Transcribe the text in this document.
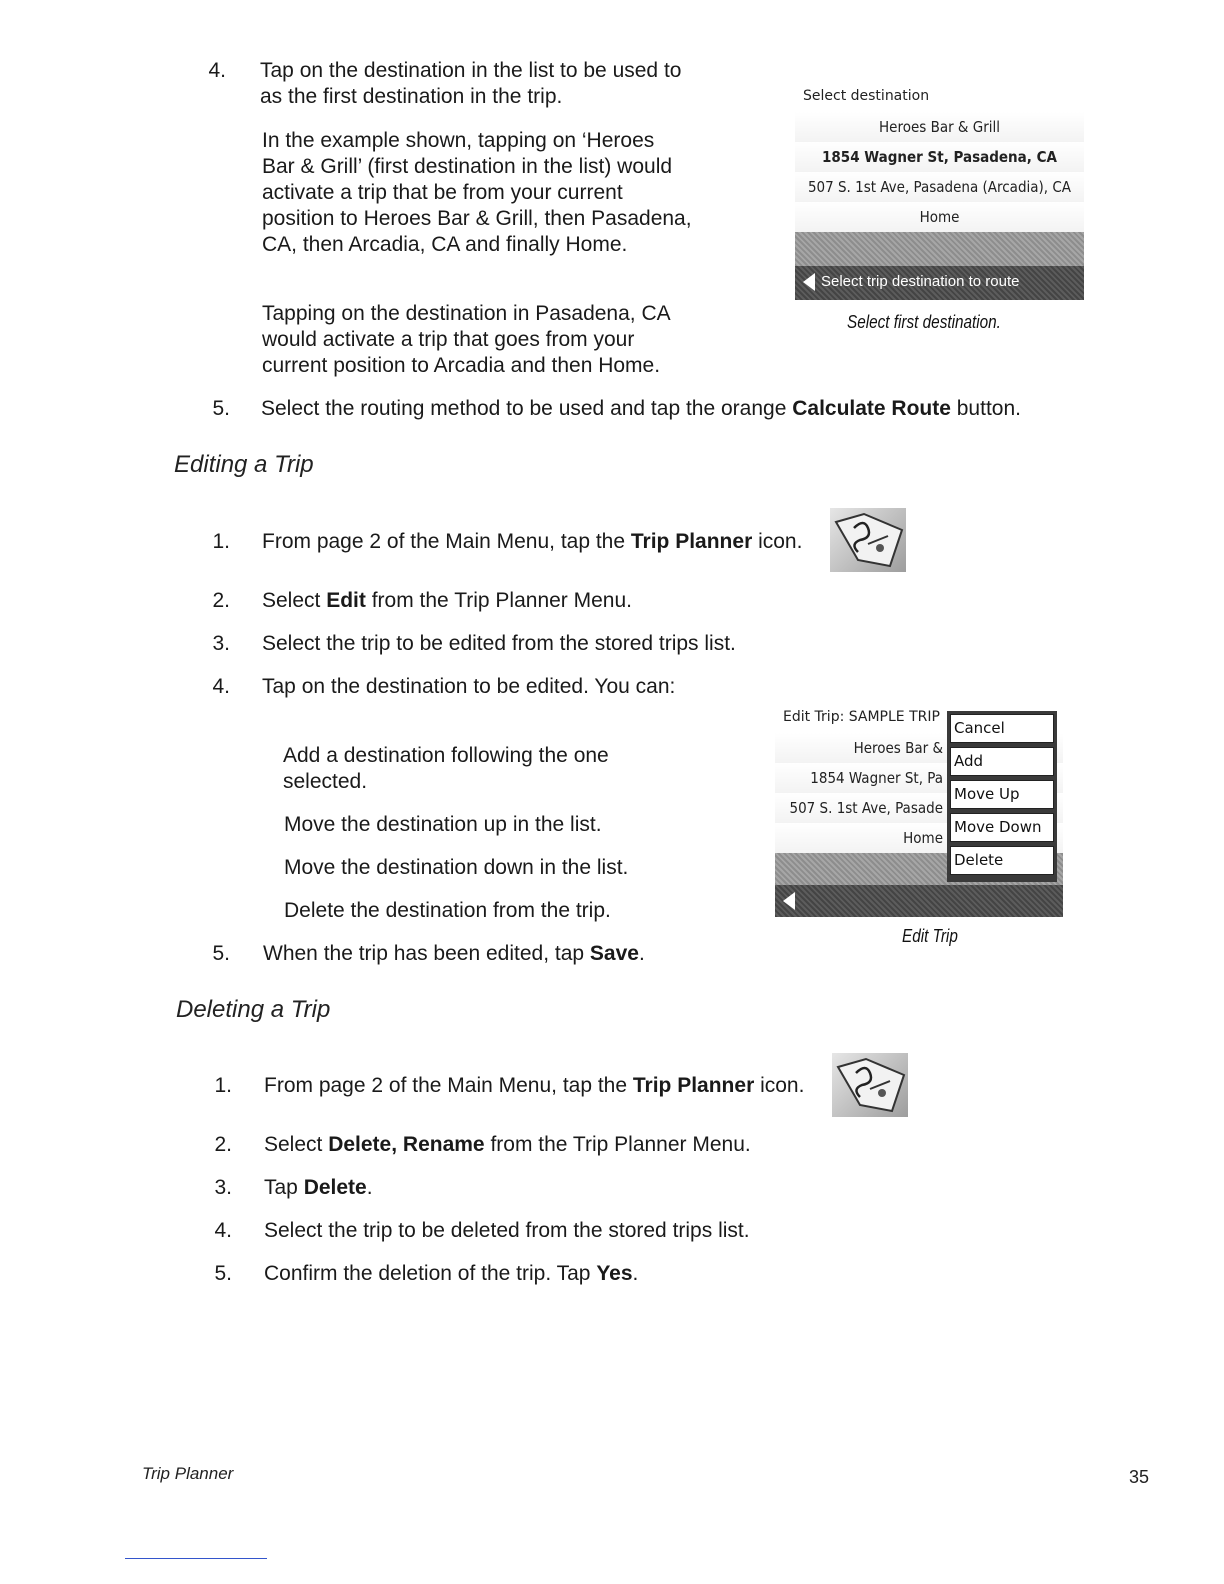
4. Tap on the destination in the list to be used to as the first destination in the trip.
In the example shown, tapping on ‘Heroes Bar & Grill’ (first destination in the list) would activate a trip that be from your current position to Heroes Bar & Grill, then Pasadena, CA, then Arcadia, CA and finally Home.
Tapping on the destination in Pasadena, CA would activate a trip that goes from your current position to Arcadia and then Home.
5. Select the routing method to be used and tap the orange Calculate Route button.
Select destination
Heroes Bar & Grill
1854 Wagner St, Pasadena, CA
507 S. 1st Ave, Pasadena (Arcadia), CA
Home
Select trip destination to route
Select first destination.
Editing a Trip
1. From page 2 of the Main Menu, tap the Trip Planner icon.
2. Select Edit from the Trip Planner Menu.
3. Select the trip to be edited from the stored trips list.
4. Tap on the destination to be edited. You can:
Add a destination following the one selected.
Move the destination up in the list.
Move the destination down in the list.
Delete the destination from the trip.
5. When the trip has been edited, tap Save.
Edit Trip: SAMPLE TRIP
Heroes Bar &
1854 Wagner St, Pa
507 S. 1st Ave, Pasade
Home
Cancel
Add
Move Up
Move Down
Delete
Edit Trip
Deleting a Trip
1. From page 2 of the Main Menu, tap the Trip Planner icon.
2. Select Delete, Rename from the Trip Planner Menu.
3. Tap Delete.
4. Select the trip to be deleted from the stored trips list.
5. Confirm the deletion of the trip. Tap Yes.
Trip Planner	35
